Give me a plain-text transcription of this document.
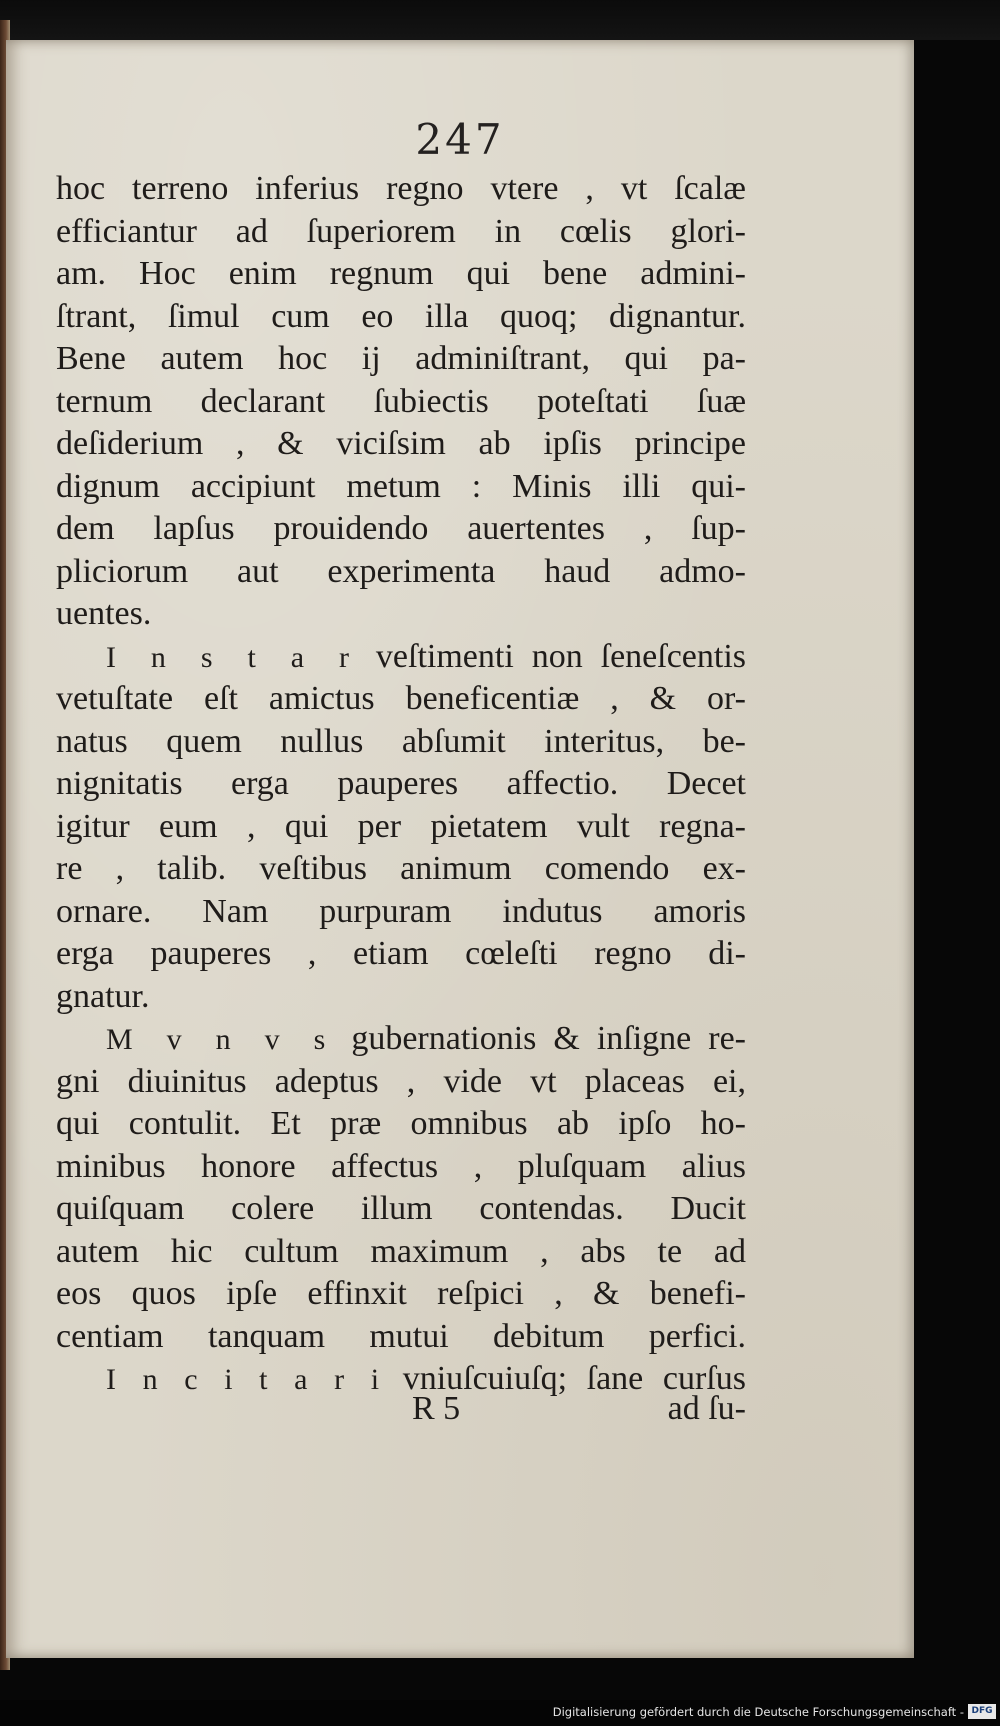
247
hoc terreno inferius regno vtere , vt ſcalæ
efficiantur ad ſuperiorem in cœlis glori-
am. Hoc enim regnum qui bene admini-
ſtrant, ſimul cum eo illa quoq; dignantur.
Bene autem hoc ij adminiſtrant, qui pa-
ternum declarant ſubiectis poteſtati ſuæ
deſiderium , & viciſsim ab ipſis principe
dignum accipiunt metum : Minis illi qui-
dem lapſus prouidendo auertentes , ſup-
pliciorum aut experimenta haud admo-
uentes.
I n s t a r veſtimenti non ſeneſcentis
vetuſtate eſt amictus beneficentiæ , & or-
natus quem nullus abſumit interitus, be-
nignitatis erga pauperes affectio. Decet
igitur eum , qui per pietatem vult regna-
re , talib. veſtibus animum comendo ex-
ornare. Nam purpuram indutus amoris
erga pauperes , etiam cœleſti regno di-
gnatur.
M v n v s gubernationis & inſigne re-
gni diuinitus adeptus , vide vt placeas ei,
qui contulit. Et præ omnibus ab ipſo ho-
minibus honore affectus , pluſquam alius
quiſquam colere illum contendas. Ducit
autem hic cultum maximum , abs te ad
eos quos ipſe effinxit reſpici , & benefi-
centiam tanquam mutui debitum perfici.
I n c i t a r i vniuſcuiuſq; ſane curſus
R 5	ad ſu-
Digitalisierung gefördert durch die Deutsche Forschungsgemeinschaft - DFG
